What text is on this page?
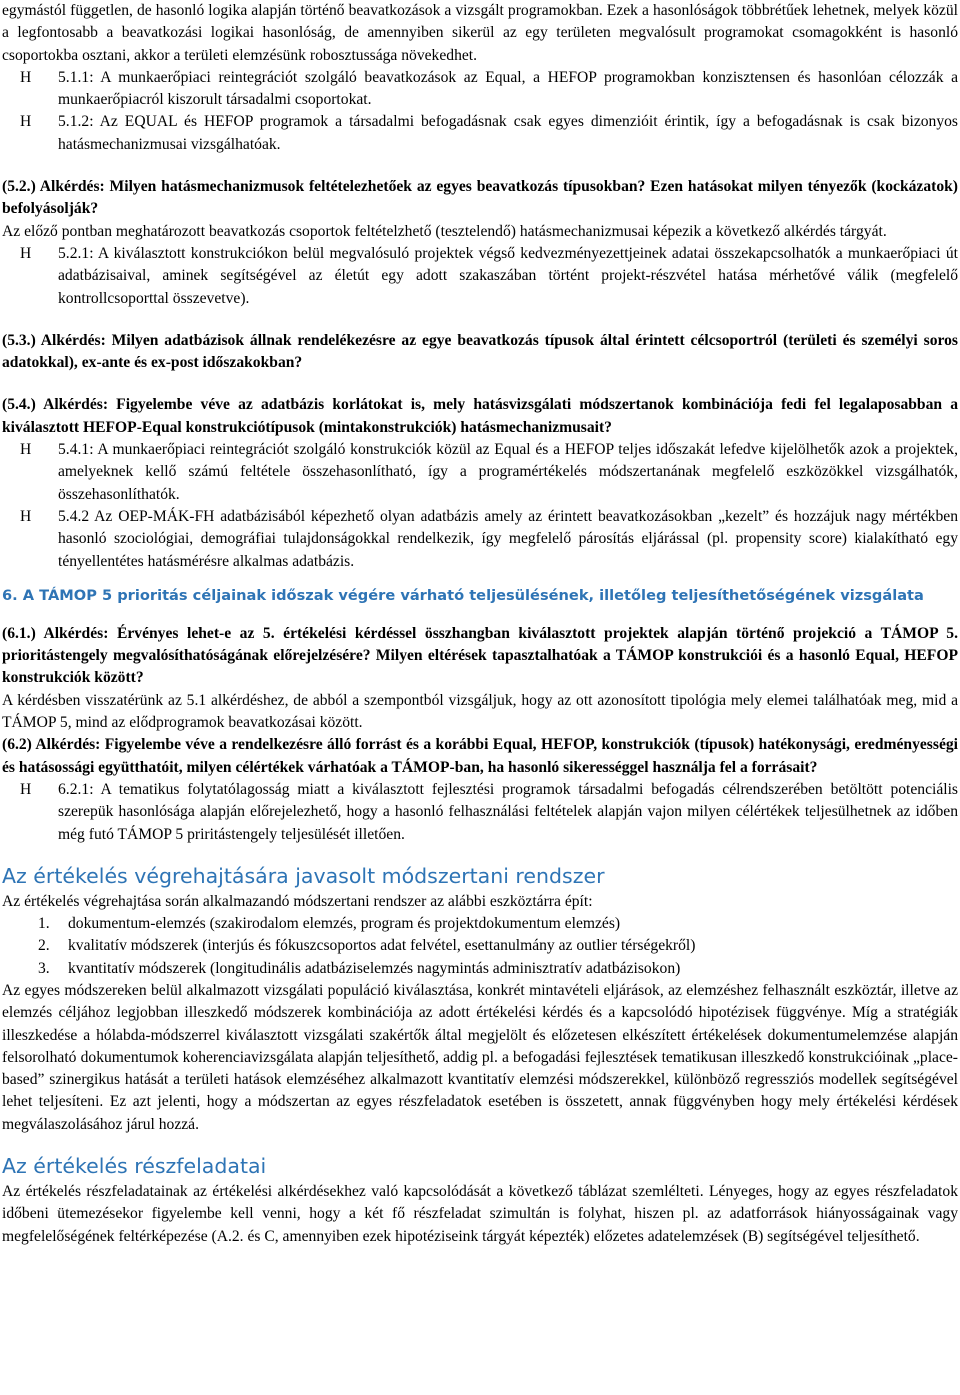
egymástól független, de hasonló logika alapján történő beavatkozások a vizsgált programokban. Ezek a hasonlóságok többrétűek lehetnek, melyek közül a legfontosabb a beavatkozási logikai hasonlóság, de amennyiben sikerül az egy területen megvalósult programokat csomagokként is hasonló csoportokba osztani, akkor a területi elemzésünk robosztussága növekedhet.

H	5.1.1: A munkaerőpiaci reintegrációt szolgáló beavatkozások az Equal, a HEFOP programokban konzisztensen és hasonlóan célozzák a munkaerőpiacról kiszorult társadalmi csoportokat.
H	5.1.2: Az EQUAL és HEFOP programok a társadalmi befogadásnak csak egyes dimenzióit érintik, így a befogadásnak is csak bizonyos hatásmechanizmusai vizsgálhatóak.

(5.2.) Alkérdés: Milyen hatásmechanizmusok feltételezhetőek az egyes beavatkozás típusokban? Ezen hatásokat milyen tényezők (kockázatok) befolyásolják?

Az előző pontban meghatározott beavatkozás csoportok feltételzhető (tesztelendő) hatásmechanizmusai képezik a következő alkérdés tárgyát.

H	5.2.1: A kiválasztott konstrukciókon belül megvalósuló projektek végső kedvezményezettjeinek adatai összekapcsolhatók a munkaerőpiaci út adatbázisaival, aminek segítségével az életút egy adott szakaszában történt projekt-részvétel hatása mérhetővé válik (megfelelő kontrollcsoporttal összevetve).

(5.3.) Alkérdés: Milyen adatbázisok állnak rendelékezésre az egye beavatkozás típusok által érintett célcsoportról (területi és személyi soros adatokkal), ex-ante és ex-post időszakokban?

(5.4.) Alkérdés: Figyelembe véve az adatbázis korlátokat is, mely hatásvizsgálati módszertanok kombinációja fedi fel legalaposabban a kiválasztott HEFOP-Equal konstrukciótípusok (mintakonstrukciók) hatásmechanizmusait?

H	5.4.1: A munkaerőpiaci reintegrációt szolgáló konstrukciók közül az Equal és a HEFOP teljes időszakát lefedve kijelölhetők azok a projektek, amelyeknek kellő számú feltétele összehasonlítható, így a programértékelés módszertanának megfelelő eszközökkel vizsgálhatók, összehasonlíthatók.
H	5.4.2 Az OEP-MÁK-FH adatbázisából képezhető olyan adatbázis amely az érintett beavatkozásokban „kezelt” és hozzájuk nagy mértékben hasonló szociológiai, demográfiai tulajdonságokkal rendelkezik, így megfelelő párosítás eljárással (pl. propensity score) kialakítható egy tényellentétes hatásmérésre alkalmas adatbázis.
6. A TÁMOP 5 prioritás céljainak időszak végére várható teljesülésének, illetőleg teljesíthetőségének vizsgálata

(6.1.) Alkérdés: Érvényes lehet-e az 5. értékelési kérdéssel összhangban kiválasztott projektek alapján történő projekció a TÁMOP 5. prioritástengely megvalósíthatóságának előrejelzésére? Milyen eltérések tapasztalhatóak a TÁMOP konstrukciói és a hasonló Equal, HEFOP konstrukciók között?

A kérdésben visszatérünk az 5.1 alkérdéshez, de abból a szempontból vizsgáljuk, hogy az ott azonosított tipológia mely elemei találhatóak meg, mid a TÁMOP 5, mind az elődprogramok beavatkozásai között.

(6.2) Alkérdés: Figyelembe véve a rendelkezésre álló forrást és a korábbi Equal, HEFOP, konstrukciók (típusok) hatékonysági, eredményességi és hatásossági együtthatóit, milyen célértékek várhatóak a TÁMOP-ban, ha hasonló sikerességgel használja fel a forrásait?

H	6.2.1: A tematikus folytatólagosság miatt a kiválasztott fejlesztési programok társadalmi befogadás célrendszerében betöltött potenciális szerepük hasonlósága alapján előrejelezhető, hogy a hasonló felhasználási feltételek alapján vajon milyen célértékek teljesülhetnek az időben még futó TÁMOP 5 priritástengely teljesülését illetően.
Az értékelés végrehajtására javasolt módszertani rendszer

Az értékelés végrehajtása során alkalmazandó módszertani rendszer az alábbi eszköztárra épít:

1.	dokumentum-elemzés (szakirodalom elemzés, program és projektdokumentum elemzés)
2.	kvalitatív módszerek (interjús és fókuszcsoportos adat felvétel, esettanulmány az outlier térségekről)
3.	kvantitatív módszerek (longitudinális adatbáziselemzés nagymintás adminisztratív adatbázisokon)

Az egyes módszereken belül alkalmazott vizsgálati populáció kiválasztása, konkrét mintavételi eljárások, az elemzéshez felhasznált eszköztár, illetve az elemzés céljához legjobban illeszkedő módszerek kombinációja az adott értékelési kérdés és a kapcsolódó hipotézisek függvénye. Míg a stratégiák illeszkedése a hólabda-módszerrel kiválasztott vizsgálati szakértők által megjelölt és előzetesen elkészített értékelések dokumentumelemzése alapján felsorolható dokumentumok koherenciavizsgálata alapján teljesíthető, addig pl. a befogadási fejlesztések tematikusan illeszkedő konstrukcióinak „place-based” szinergikus hatását a területi hatások elemzéséhez alkalmazott kvantitatív elemzési módszerekkel, különböző regressziós modellek segítségével lehet teljesíteni. Ez azt jelenti, hogy a módszertan az egyes részfeladatok esetében is összetett, annak függvényben hogy mely értékelési kérdések megválaszolásához járul hozzá.

Az értékelés részfeladatai

Az értékelés részfeladatainak az értékelési alkérdésekhez való kapcsolódását a következő táblázat szemlélteti. Lényeges, hogy az egyes részfeladatok időbeni ütemezésekor figyelembe kell venni, hogy a két fő részfeladat szimultán is folyhat, hiszen pl. az adatforrások hiányosságainak vagy megfelelőségének feltérképezése (A.2. és C, amennyiben ezek hipotéziseink tárgyát képezték) előzetes adatelemzések (B) segítségével teljesíthető.
